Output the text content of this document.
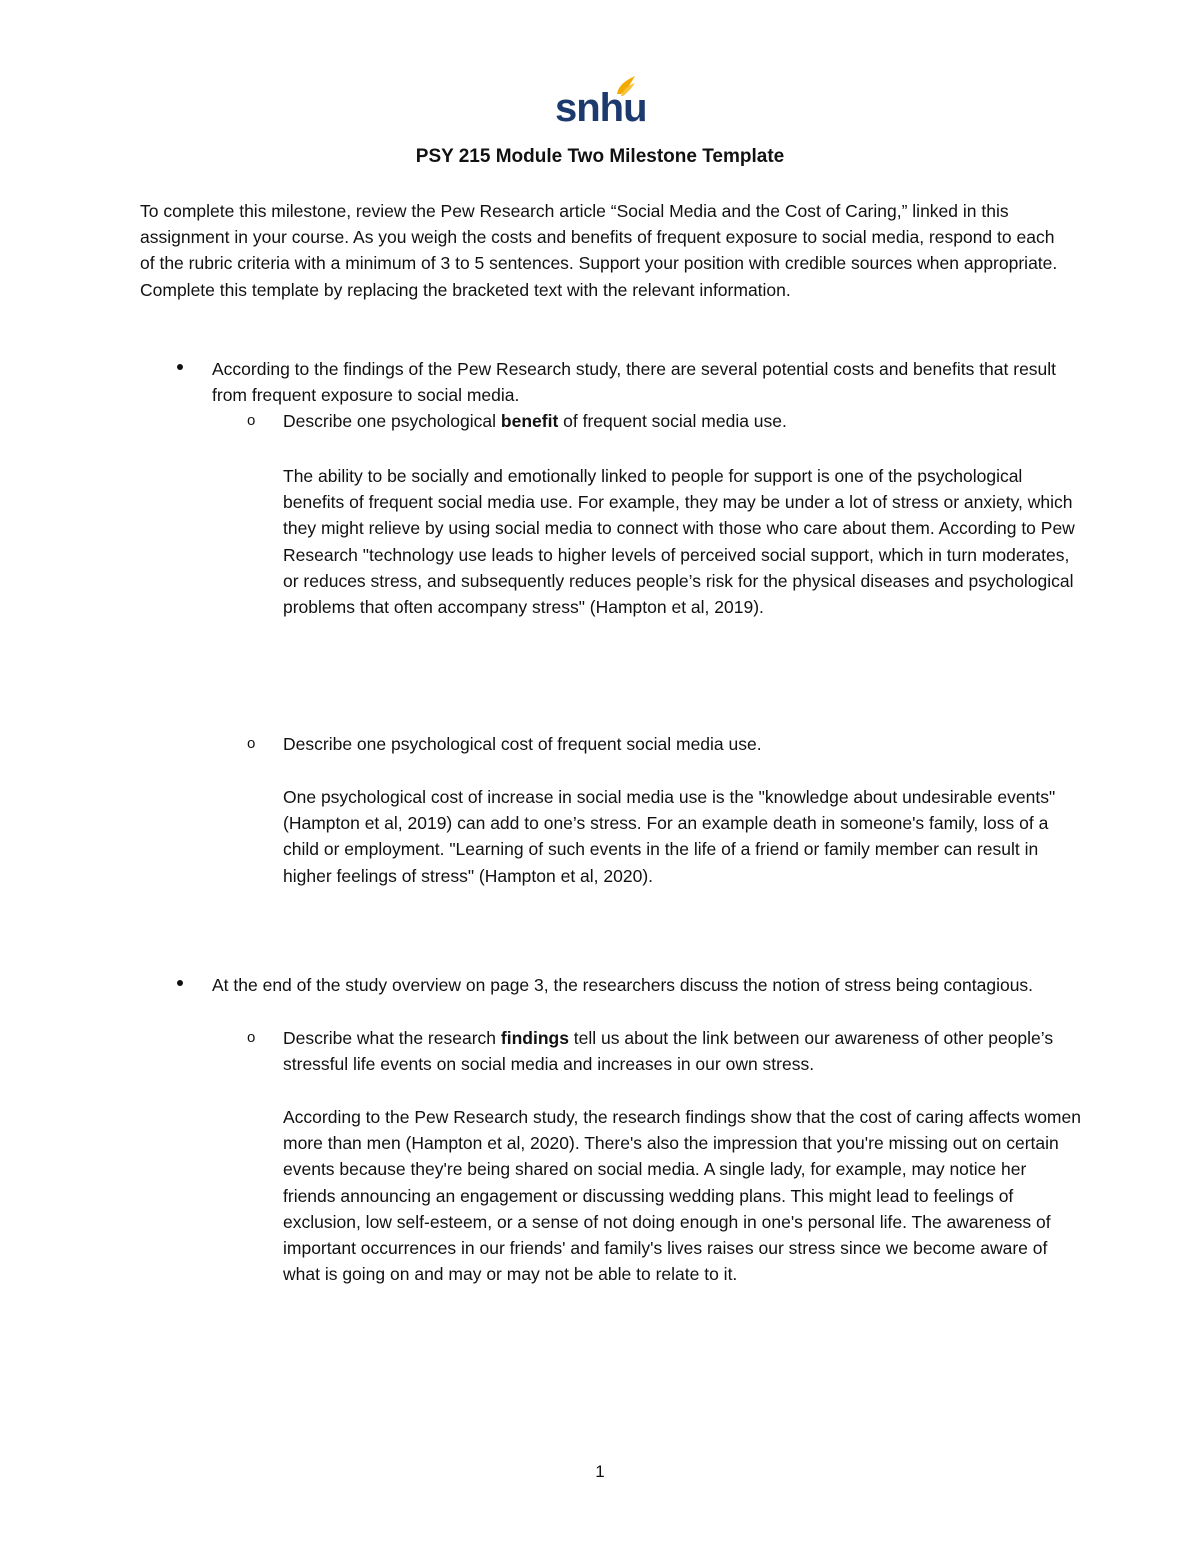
snhu
PSY 215 Module Two Milestone Template

To complete this milestone, review the Pew Research article “Social Media and the Cost of Caring,” linked in this assignment in your course. As you weigh the costs and benefits of frequent exposure to social media, respond to each of the rubric criteria with a minimum of 3 to 5 sentences. Support your position with credible sources when appropriate. Complete this template by replacing the bracketed text with the relevant information.

According to the findings of the Pew Research study, there are several potential costs and benefits that result from frequent exposure to social media.

o Describe one psychological benefit of frequent social media use.

The ability to be socially and emotionally linked to people for support is one of the psychological benefits of frequent social media use. For example, they may be under a lot of stress or anxiety, which they might relieve by using social media to connect with those who care about them. According to Pew Research "technology use leads to higher levels of perceived social support, which in turn moderates, or reduces stress, and subsequently reduces people’s risk for the physical diseases and psychological problems that often accompany stress" (Hampton et al, 2019).

o Describe one psychological cost of frequent social media use.

One psychological cost of increase in social media use is the "knowledge about undesirable events" (Hampton et al, 2019) can add to one’s stress. For an example death in someone's family, loss of a child or employment. "Learning of such events in the life of a friend or family member can result in higher feelings of stress" (Hampton et al, 2020).

At the end of the study overview on page 3, the researchers discuss the notion of stress being contagious.

o Describe what the research findings tell us about the link between our awareness of other people’s stressful life events on social media and increases in our own stress.

According to the Pew Research study, the research findings show that the cost of caring affects women more than men (Hampton et al, 2020). There's also the impression that you're missing out on certain events because they're being shared on social media. A single lady, for example, may notice her friends announcing an engagement or discussing wedding plans. This might lead to feelings of exclusion, low self-esteem, or a sense of not doing enough in one's personal life. The awareness of important occurrences in our friends' and family's lives raises our stress since we become aware of what is going on and may or may not be able to relate to it.

1
